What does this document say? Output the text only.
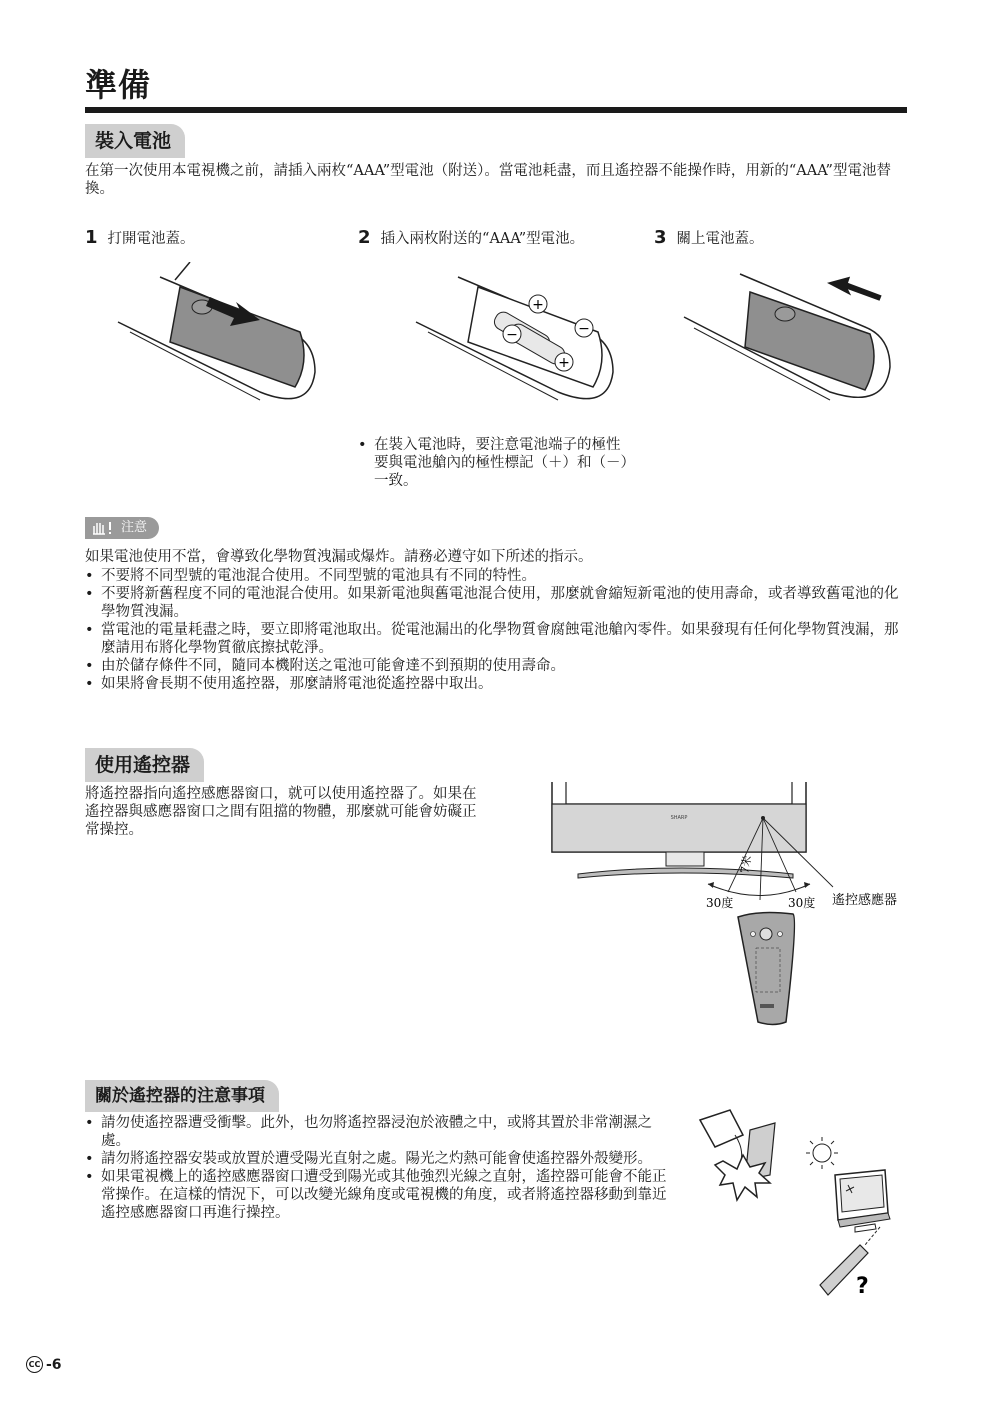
準備
裝入電池
在第一次使用本電視機之前，請插入兩枚“AAA”型電池（附送）。當電池耗盡，而且遙控器不能操作時，用新的“AAA”型電池替換。
1 打開電池蓋。	2 插入兩枚附送的“AAA”型電池。	3 關上電池蓋。
+
−
−
+
• 在裝入電池時，要注意電池端子的極性要與電池艙內的極性標記（＋）和（－）一致。
注意
如果電池使用不當，會導致化學物質洩漏或爆炸。請務必遵守如下所述的指示。
• 不要將不同型號的電池混合使用。不同型號的電池具有不同的特性。
• 不要將新舊程度不同的電池混合使用。如果新電池與舊電池混合使用，那麼就會縮短新電池的使用壽命，或者導致舊電池的化學物質洩漏。
• 當電池的電量耗盡之時，要立即將電池取出。從電池漏出的化學物質會腐蝕電池艙內零件。如果發現有任何化學物質洩漏，那麼請用布將化學物質徹底擦拭乾淨。
• 由於儲存條件不同，隨同本機附送之電池可能會達不到預期的使用壽命。
• 如果將會長期不使用遙控器，那麼請將電池從遙控器中取出。
使用遙控器
將遙控器指向遙控感應器窗口，就可以使用遙控器了。如果在遙控器與感應器窗口之間有阻擋的物體，那麼就可能會妨礙正常操控。
SHARP
7米
30度	30度 遙控感應器
關於遙控器的注意事項
• 請勿使遙控器遭受衝擊。此外，也勿將遙控器浸泡於液體之中，或將其置於非常潮濕之處。
• 請勿將遙控器安裝或放置於遭受陽光直射之處。陽光之灼熱可能會使遙控器外殼變形。
• 如果電視機上的遙控感應器窗口遭受到陽光或其他強烈光線之直射，遙控器可能會不能正常操作。在這樣的情況下，可以改變光線角度或電視機的角度，或者將遙控器移動到靠近遙控感應器窗口再進行操控。
?
CC -6
